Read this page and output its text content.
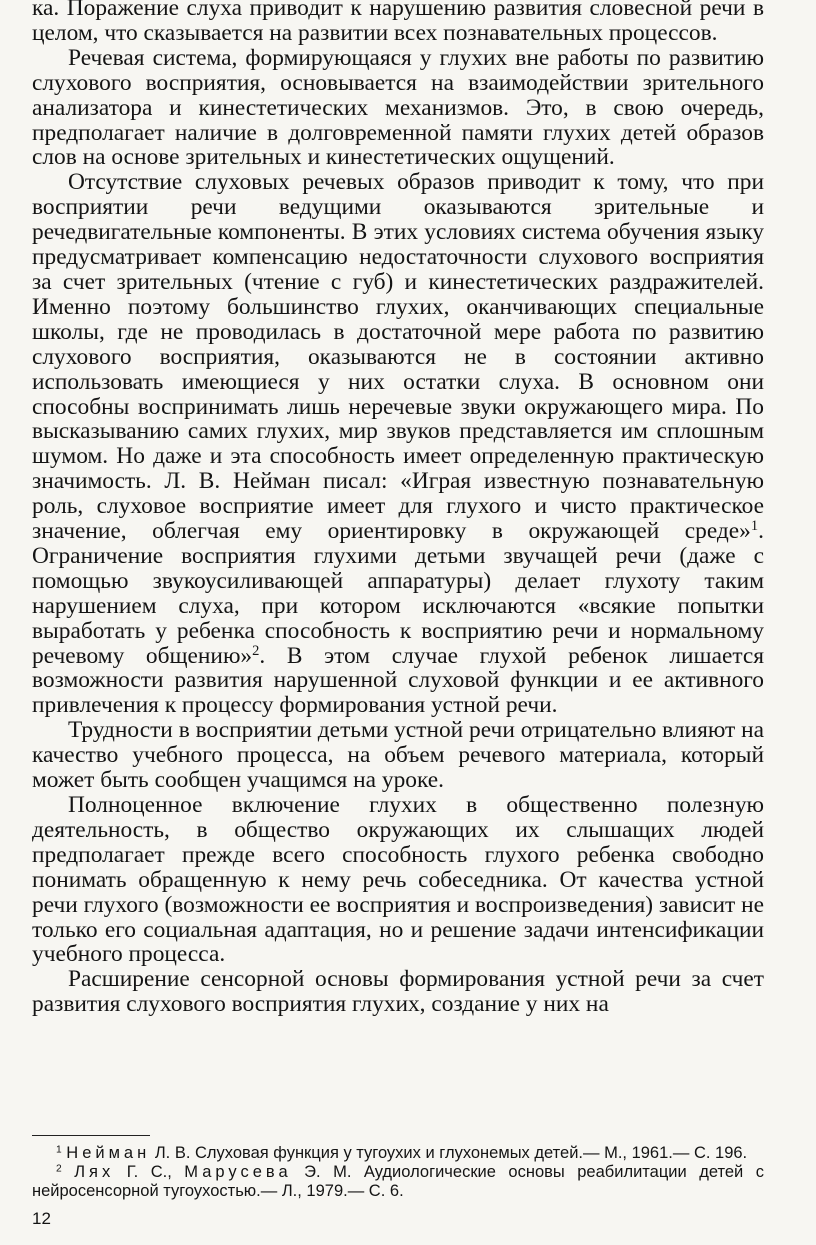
ка. Поражение слуха приводит к нарушению развития словесной речи в целом, что сказывается на развитии всех познавательных процессов.

Речевая система, формирующаяся у глухих вне работы по развитию слухового восприятия, основывается на взаимодействии зрительного анализатора и кинестетических механизмов. Это, в свою очередь, предполагает наличие в долговременной памяти глухих детей образов слов на основе зрительных и кинестетических ощущений.

Отсутствие слуховых речевых образов приводит к тому, что при восприятии речи ведущими оказываются зрительные и речедвигательные компоненты. В этих условиях система обучения языку предусматривает компенсацию недостаточности слухового восприятия за счет зрительных (чтение с губ) и кинестетических раздражителей. Именно поэтому большинство глухих, оканчивающих специальные школы, где не проводилась в достаточной мере работа по развитию слухового восприятия, оказываются не в состоянии активно использовать имеющиеся у них остатки слуха. В основном они способны воспринимать лишь неречевые звуки окружающего мира. По высказыванию самих глухих, мир звуков представляется им сплошным шумом. Но даже и эта способность имеет определенную практическую значимость. Л. В. Нейман писал: «Играя известную познавательную роль, слуховое восприятие имеет для глухого и чисто практическое значение, облегчая ему ориентировку в окружающей среде»$^1$. Ограничение восприятия глухими детьми звучащей речи (даже с помощью звукоусиливающей аппаратуры) делает глухоту таким нарушением слуха, при котором исключаются «всякие попытки выработать у ребенка способность к восприятию речи и нормальному речевому общению»$^2$. В этом случае глухой ребенок лишается возможности развития нарушенной слуховой функции и ее активного привлечения к процессу формирования устной речи.

Трудности в восприятии детьми устной речи отрицательно влияют на качество учебного процесса, на объем речевого материала, который может быть сообщен учащимся на уроке.

Полноценное включение глухих в общественно полезную деятельность, в общество окружающих их слышащих людей предполагает прежде всего способность глухого ребенка свободно понимать обращенную к нему речь собеседника. От качества устной речи глухого (возможности ее восприятия и воспроизведения) зависит не только его социальная адаптация, но и решение задачи интенсификации учебного процесса.

Расширение сенсорной основы формирования устной речи за счет развития слухового восприятия глухих, создание у них на

$^1$ Нейман Л. В. Слуховая функция у тугоухих и глухонемых детей.— М., 1961.— С. 196.

$^2$ Лях Г. С., Марусева Э. М. Аудиологические основы реабилитации детей с нейросенсорной тугоухостью.— Л., 1979.— С. 6.

12
